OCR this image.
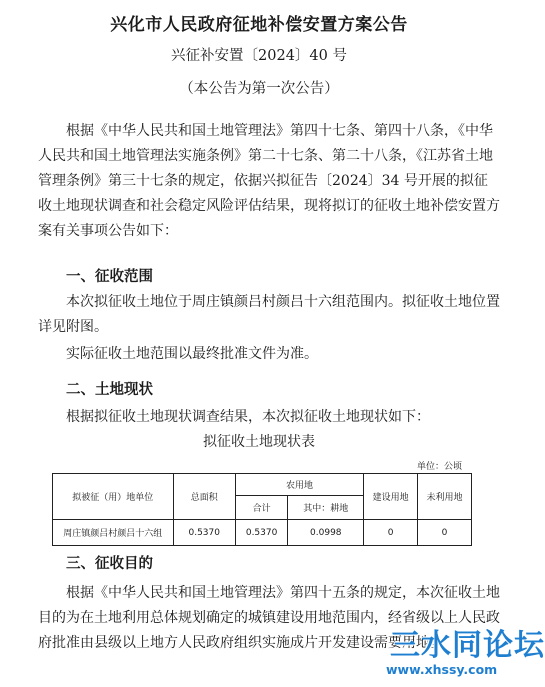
兴化市人民政府征地补偿安置方案公告
兴征补安置〔2024〕40 号
（本公告为第一次公告）

根据《中华人民共和国土地管理法》第四十七条、第四十八条，《中华人民共和国土地管理法实施条例》第二十七条、第二十八条，《江苏省土地管理条例》第三十七条的规定，依据兴拟征告〔2024〕34 号开展的拟征收土地现状调查和社会稳定风险评估结果，现将拟订的征收土地补偿安置方案有关事项公告如下：

一、征收范围

本次拟征收土地位于周庄镇颜吕村颜吕十六组范围内。拟征收土地位置详见附图。

实际征收土地范围以最终批准文件为准。

二、土地现状

根据拟征收土地现状调查结果，本次拟征收土地现状如下：

拟征收土地现状表
单位：公顷
拟被征（用）地单位	总面积	农用地		建设用地	未利用地
		合计	其中：耕地		
周庄镇颜吕村颜吕十六组	0.5370	0.5370	0.0998	0	0
三、征收目的

根据《中华人民共和国土地管理法》第四十五条的规定，本次征收土地目的为在土地利用总体规划确定的城镇建设用地范围内，经省级以上人民政府批准由县级以上地方人民政府组织实施成片开发建设需要用地。

三水同论坛
www.xhssy.com
